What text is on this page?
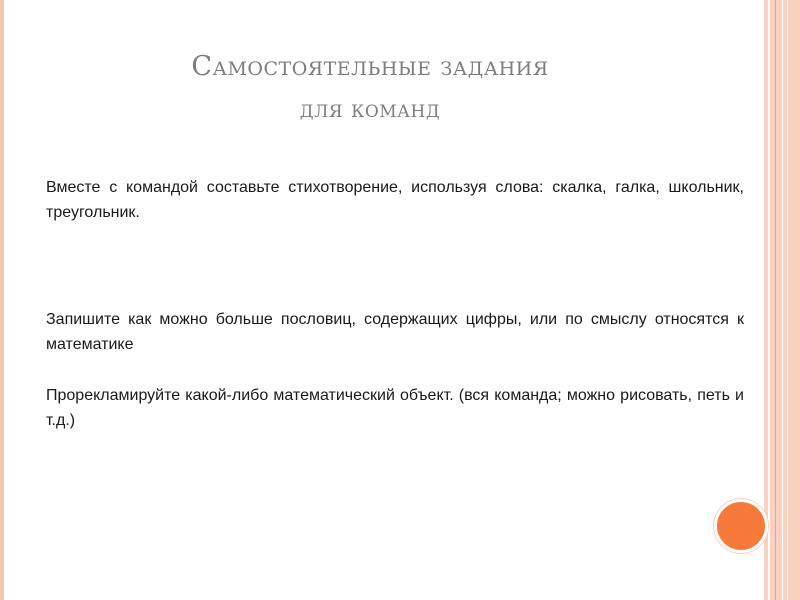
Самостоятельные задания
для команд
Вместе с командой составьте стихотворение, используя слова: скалка, галка, школьник, треугольник.
Запишите как можно больше пословиц, содержащих цифры, или по смыслу относятся к математике
Прорекламируйте какой-либо математический объект. (вся команда; можно рисовать, петь и т.д.)
